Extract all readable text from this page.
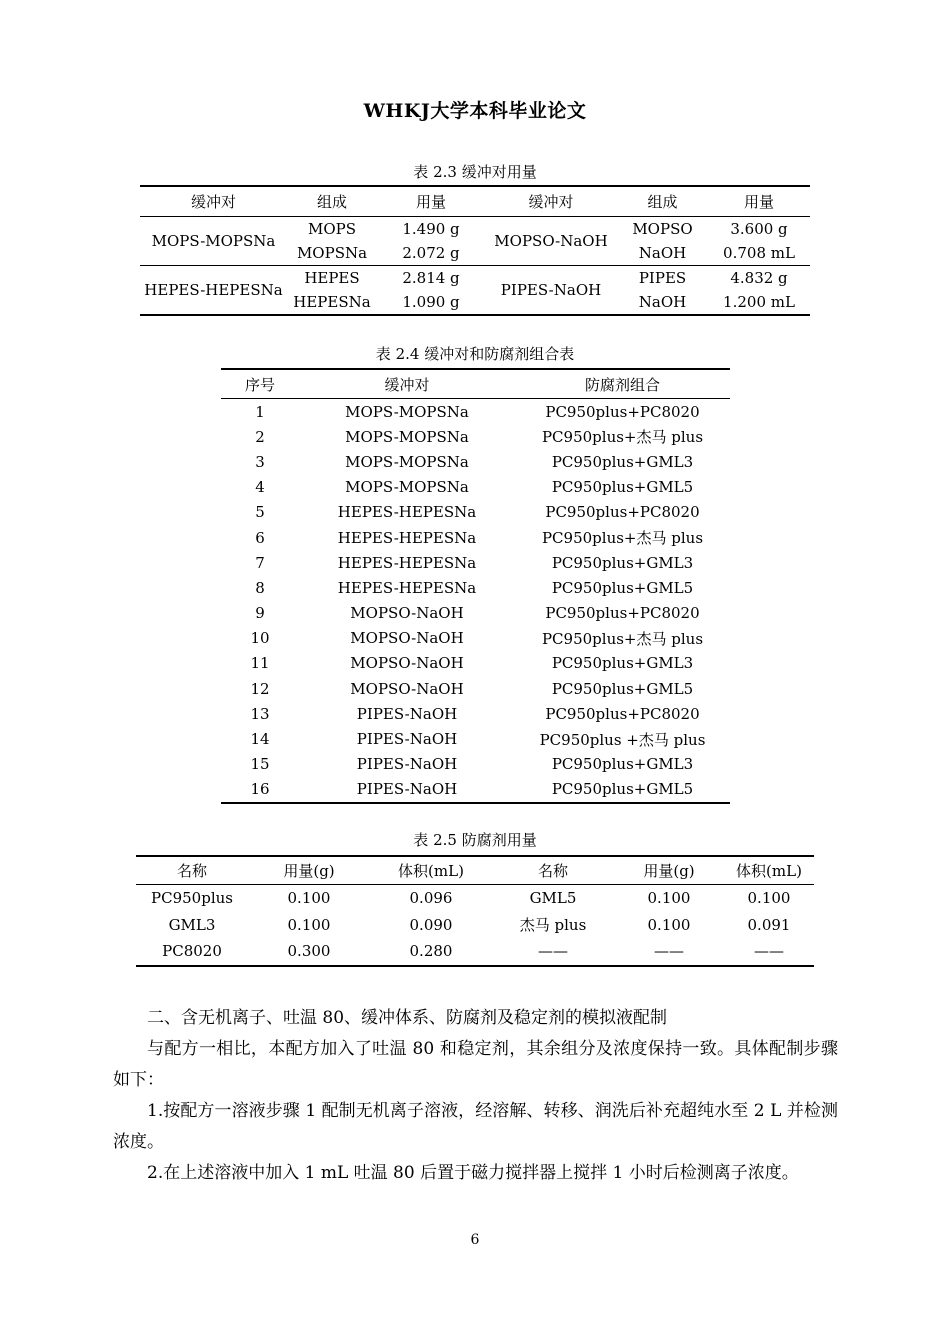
WHKJ大学本科毕业论文
表 2.3 缓冲对用量
缓冲对	组成	用量	缓冲对	组成	用量
MOPS-MOPSNa	MOPS	1.490 g	MOPSO-NaOH	MOPSO	3.600 g
	MOPSNa	2.072 g		NaOH	0.708 mL
HEPES-HEPESNa	HEPES	2.814 g	PIPES-NaOH	PIPES	4.832 g
	HEPESNa	1.090 g		NaOH	1.200 mL
表 2.4 缓冲对和防腐剂组合表
序号	缓冲对	防腐剂组合
1	MOPS-MOPSNa	PC950plus+PC8020
2	MOPS-MOPSNa	PC950plus+杰马 plus
3	MOPS-MOPSNa	PC950plus+GML3
4	MOPS-MOPSNa	PC950plus+GML5
5	HEPES-HEPESNa	PC950plus+PC8020
6	HEPES-HEPESNa	PC950plus+杰马 plus
7	HEPES-HEPESNa	PC950plus+GML3
8	HEPES-HEPESNa	PC950plus+GML5
9	MOPSO-NaOH	PC950plus+PC8020
10	MOPSO-NaOH	PC950plus+杰马 plus
11	MOPSO-NaOH	PC950plus+GML3
12	MOPSO-NaOH	PC950plus+GML5
13	PIPES-NaOH	PC950plus+PC8020
14	PIPES-NaOH	PC950plus +杰马 plus
15	PIPES-NaOH	PC950plus+GML3
16	PIPES-NaOH	PC950plus+GML5
表 2.5 防腐剂用量
名称	用量(g)	体积(mL)	名称	用量(g)	体积(mL)
PC950plus	0.100	0.096	GML5	0.100	0.100
GML3	0.100	0.090	杰马 plus	0.100	0.091
PC8020	0.300	0.280	——	——	——

二、含无机离子、吐温 80、缓冲体系、防腐剂及稳定剂的模拟液配制

与配方一相比，本配方加入了吐温 80 和稳定剂，其余组分及浓度保持一致。具体配制步骤如下：

1.按配方一溶液步骤 1 配制无机离子溶液，经溶解、转移、润洗后补充超纯水至 2 L 并检测浓度。

2.在上述溶液中加入 1 mL 吐温 80 后置于磁力搅拌器上搅拌 1 小时后检测离子浓度。

6
